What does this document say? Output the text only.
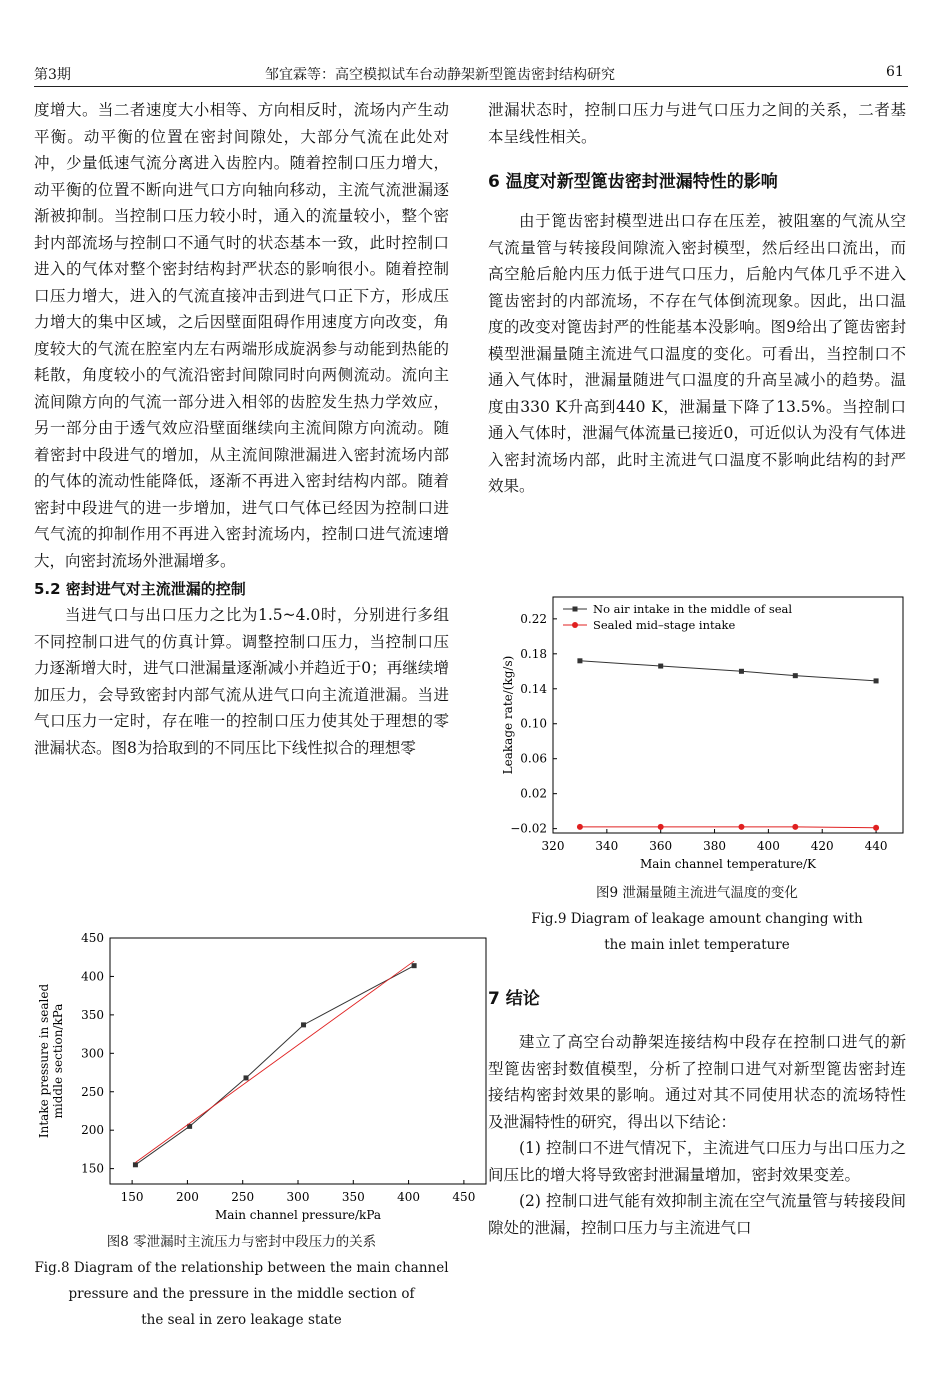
第3期	邹宜霖等：高空模拟试车台动静架新型篦齿密封结构研究	61

度增大。当二者速度大小相等、方向相反时，流场内产生动平衡。动平衡的位置在密封间隙处，大部分气流在此处对冲，少量低速气流分离进入齿腔内。随着控制口压力增大，动平衡的位置不断向进气口方向轴向移动，主流气流泄漏逐渐被抑制。当控制口压力较小时，通入的流量较小，整个密封内部流场与控制口不通气时的状态基本一致，此时控制口进入的气体对整个密封结构封严状态的影响很小。随着控制口压力增大，进入的气流直接冲击到进气口正下方，形成压力增大的集中区域，之后因壁面阻碍作用速度方向改变，角度较大的气流在腔室内左右两端形成旋涡参与动能到热能的耗散，角度较小的气流沿密封间隙同时向两侧流动。流向主流间隙方向的气流一部分进入相邻的齿腔发生热力学效应，另一部分由于透气效应沿壁面继续向主流间隙方向流动。随着密封中段进气的增加，从主流间隙泄漏进入密封流场内部的气体的流动性能降低，逐渐不再进入密封结构内部。随着密封中段进气的进一步增加，进气口气体已经因为控制口进气气流的抑制作用不再进入密封流场内，控制口进气流速增大，向密封流场外泄漏增多。

5.2 密封进气对主流泄漏的控制

当进气口与出口压力之比为1.5~4.0时，分别进行多组不同控制口进气的仿真计算。调整控制口压力，当控制口压力逐渐增大时，进气口泄漏量逐渐减小并趋近于0；再继续增加压力，会导致密封内部气流从进气口向主流道泄漏。当进气口压力一定时，存在唯一的控制口压力使其处于理想的零泄漏状态。图8为拾取到的不同压比下线性拟合的理想零

150	200	250	300	350	400	450
150
200
250
300
350
400
450
Main channel pressure/kPa
Intake pressure in sealed middle section/kPa
图8 零泄漏时主流压力与密封中段压力的关系
Fig.8 Diagram of the relationship between the main channel
pressure and the pressure in the middle section of
the seal in zero leakage state

泄漏状态时，控制口压力与进气口压力之间的关系，二者基本呈线性相关。

6 温度对新型篦齿密封泄漏特性的影响

由于篦齿密封模型进出口存在压差，被阻塞的气流从空气流量管与转接段间隙流入密封模型，然后经出口流出，而高空舱后舱内压力低于进气口压力，后舱内气体几乎不进入篦齿密封的内部流场，不存在气体倒流现象。因此，出口温度的改变对篦齿封严的性能基本没影响。图9给出了篦齿密封模型泄漏量随主流进气口温度的变化。可看出，当控制口不通入气体时，泄漏量随进气口温度的升高呈减小的趋势。温度由330 K升高到440 K，泄漏量下降了13.5%。当控制口通入气体时，泄漏气体流量已接近0，可近似认为没有气体进入密封流场内部，此时主流进气口温度不影响此结构的封严效果。

320	340	360	380	400	420	440
−0.02
0.02
0.06
0.10
0.14
0.18
0.22
Main channel temperature/K
Leakage rate/(kg/s)
No air intake in the middle of seal
Sealed mid–stage intake
图9 泄漏量随主流进气温度的变化
Fig.9 Diagram of leakage amount changing with
the main inlet temperature
7 结论

建立了高空台动静架连接结构中段存在控制口进气的新型篦齿密封数值模型，分析了控制口进气对新型篦齿密封连接结构密封效果的影响。通过对其不同使用状态的流场特性及泄漏特性的研究，得出以下结论：

(1) 控制口不进气情况下，主流进气口压力与出口压力之间压比的增大将导致密封泄漏量增加，密封效果变差。

(2) 控制口进气能有效抑制主流在空气流量管与转接段间隙处的泄漏，控制口压力与主流进气口
